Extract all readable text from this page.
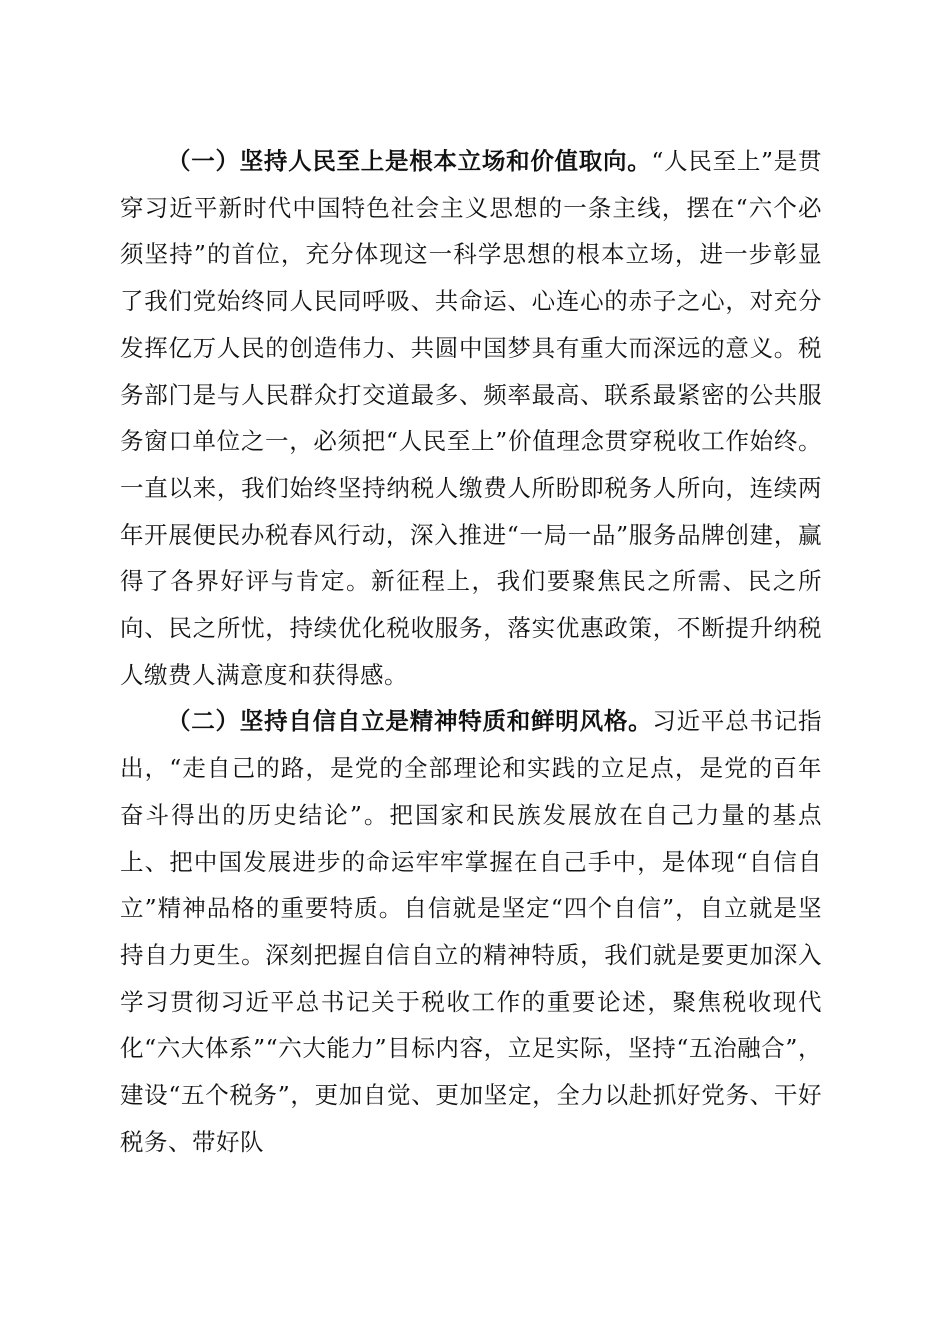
（一）坚持人民至上是根本立场和价值取向。“人民至上”是贯穿习近平新时代中国特色社会主义思想的一条主线，摆在“六个必须坚持”的首位，充分体现这一科学思想的根本立场，进一步彰显了我们党始终同人民同呼吸、共命运、心连心的赤子之心，对充分发挥亿万人民的创造伟力、共圆中国梦具有重大而深远的意义。税务部门是与人民群众打交道最多、频率最高、联系最紧密的公共服务窗口单位之一，必须把“人民至上”价值理念贯穿税收工作始终。一直以来，我们始终坚持纳税人缴费人所盼即税务人所向，连续两年开展便民办税春风行动，深入推进“一局一品”服务品牌创建，赢得了各界好评与肯定。新征程上，我们要聚焦民之所需、民之所向、民之所忧，持续优化税收服务，落实优惠政策，不断提升纳税人缴费人满意度和获得感。

（二）坚持自信自立是精神特质和鲜明风格。习近平总书记指出，“走自己的路，是党的全部理论和实践的立足点，是党的百年奋斗得出的历史结论”。把国家和民族发展放在自己力量的基点上、把中国发展进步的命运牢牢掌握在自己手中，是体现“自信自立”精神品格的重要特质。自信就是坚定“四个自信”，自立就是坚持自力更生。深刻把握自信自立的精神特质，我们就是要更加深入学习贯彻习近平总书记关于税收工作的重要论述，聚焦税收现代化“六大体系”“六大能力”目标内容，立足实际，坚持“五治融合”，建设“五个税务”，更加自觉、更加坚定，全力以赴抓好党务、干好税务、带好队
